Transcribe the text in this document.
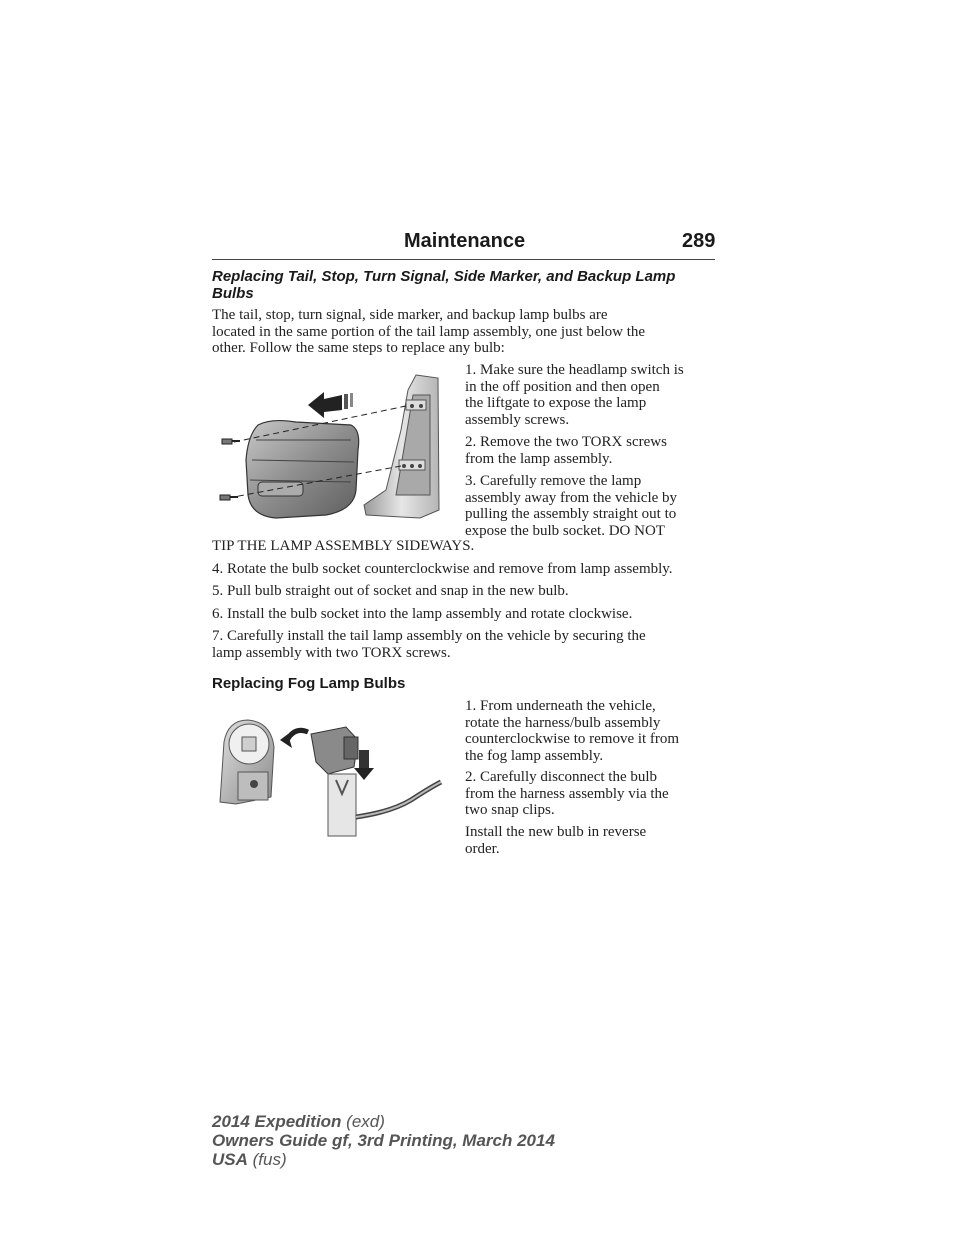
Maintenance	289
Replacing Tail, Stop, Turn Signal, Side Marker, and Backup Lamp
Bulbs
The tail, stop, turn signal, side marker, and backup lamp bulbs are
located in the same portion of the tail lamp assembly, one just below the
other. Follow the same steps to replace any bulb:
1. Make sure the headlamp switch is
in the off position and then open
the liftgate to expose the lamp
assembly screws.
2. Remove the two TORX screws
from the lamp assembly.
3. Carefully remove the lamp
assembly away from the vehicle by
pulling the assembly straight out to
expose the bulb socket. DO NOT
TIP THE LAMP ASSEMBLY SIDEWAYS.
4. Rotate the bulb socket counterclockwise and remove from lamp assembly.
5. Pull bulb straight out of socket and snap in the new bulb.
6. Install the bulb socket into the lamp assembly and rotate clockwise.
7. Carefully install the tail lamp assembly on the vehicle by securing the
lamp assembly with two TORX screws.
Replacing Fog Lamp Bulbs
1. From underneath the vehicle,
rotate the harness/bulb assembly
counterclockwise to remove it from
the fog lamp assembly.
2. Carefully disconnect the bulb
from the harness assembly via the
two snap clips.
Install the new bulb in reverse
order.
2014 Expedition (exd)
Owners Guide gf, 3rd Printing, March 2014
USA (fus)
